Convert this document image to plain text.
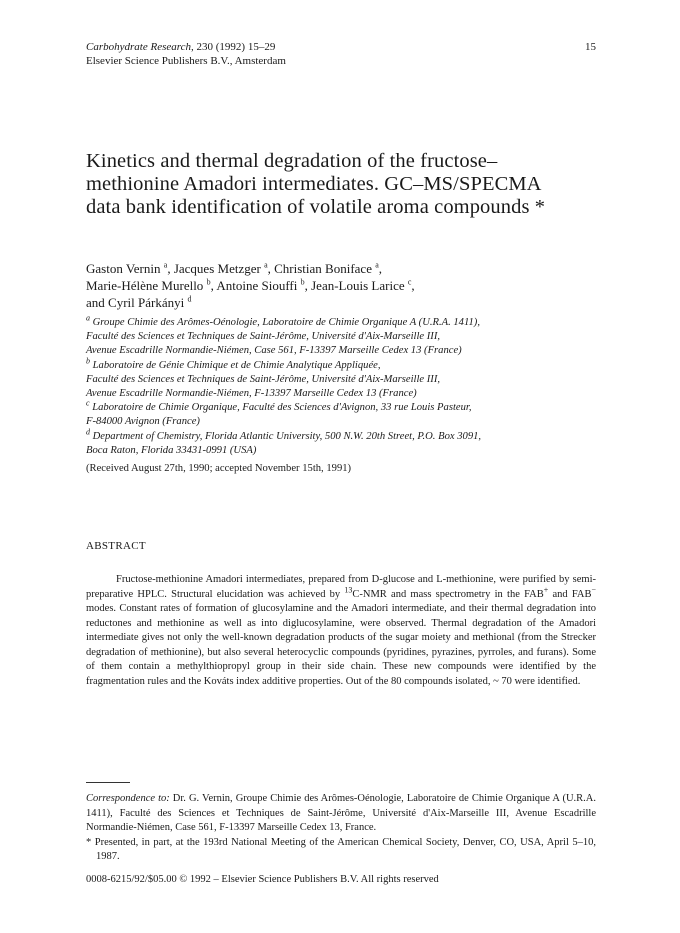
Carbohydrate Research, 230 (1992) 15–29
Elsevier Science Publishers B.V., Amsterdam
15
Kinetics and thermal degradation of the fructose–
methionine Amadori intermediates. GC–MS/SPECMA
data bank identification of volatile aroma compounds *
Gaston Vernin $^a$, Jacques Metzger $^a$, Christian Boniface $^a$,
Marie-Hélène Murello $^b$, Antoine Siouffi $^b$, Jean-Louis Larice $^c$,
and Cyril Párkányi $^d$
$^a$ Groupe Chimie des Arômes-Oénologie, Laboratoire de Chimie Organique A (U.R.A. 1411),
Faculté des Sciences et Techniques de Saint-Jérôme, Université d'Aix-Marseille III,
Avenue Escadrille Normandie-Niémen, Case 561, F-13397 Marseille Cedex 13 (France)
$^b$ Laboratoire de Génie Chimique et de Chimie Analytique Appliquée,
Faculté des Sciences et Techniques de Saint-Jérôme, Université d'Aix-Marseille III,
Avenue Escadrille Normandie-Niémen, F-13397 Marseille Cedex 13 (France)
$^c$ Laboratoire de Chimie Organique, Faculté des Sciences d'Avignon, 33 rue Louis Pasteur,
F-84000 Avignon (France)
$^d$ Department of Chemistry, Florida Atlantic University, 500 N.W. 20th Street, P.O. Box 3091,
Boca Raton, Florida 33431-0991 (USA)
(Received August 27th, 1990; accepted November 15th, 1991)
ABSTRACT

Fructose-methionine Amadori intermediates, prepared from D-glucose and L-methionine, were purified by semi-preparative HPLC. Structural elucidation was achieved by $^{13}$C-NMR and mass spectrometry in the FAB+ and FAB− modes. Constant rates of formation of glucosylamine and the Amadori intermediate, and their thermal degradation into reductones and methionine as well as into diglucosylamine, were observed. Thermal degradation of the Amadori intermediate gives not only the well-known degradation products of the sugar moiety and methional (from the Strecker degradation of methionine), but also several heterocyclic compounds (pyridines, pyrazines, pyrroles, and furans). Some of them contain a methylthiopropyl group in their side chain. These new compounds were identified by the fragmentation rules and the Kováts index additive properties. Out of the 80 compounds isolated, ~ 70 were identified.

Correspondence to: Dr. G. Vernin, Groupe Chimie des Arômes-Oénologie, Laboratoire de Chimie Organique A (U.R.A. 1411), Faculté des Sciences et Techniques de Saint-Jérôme, Université d'Aix-Marseille III, Avenue Escadrille Normandie-Niémen, Case 561, F-13397 Marseille Cedex 13, France.

* Presented, in part, at the 193rd National Meeting of the American Chemical Society, Denver, CO, USA, April 5–10, 1987.

0008-6215/92/$05.00 © 1992 – Elsevier Science Publishers B.V. All rights reserved
